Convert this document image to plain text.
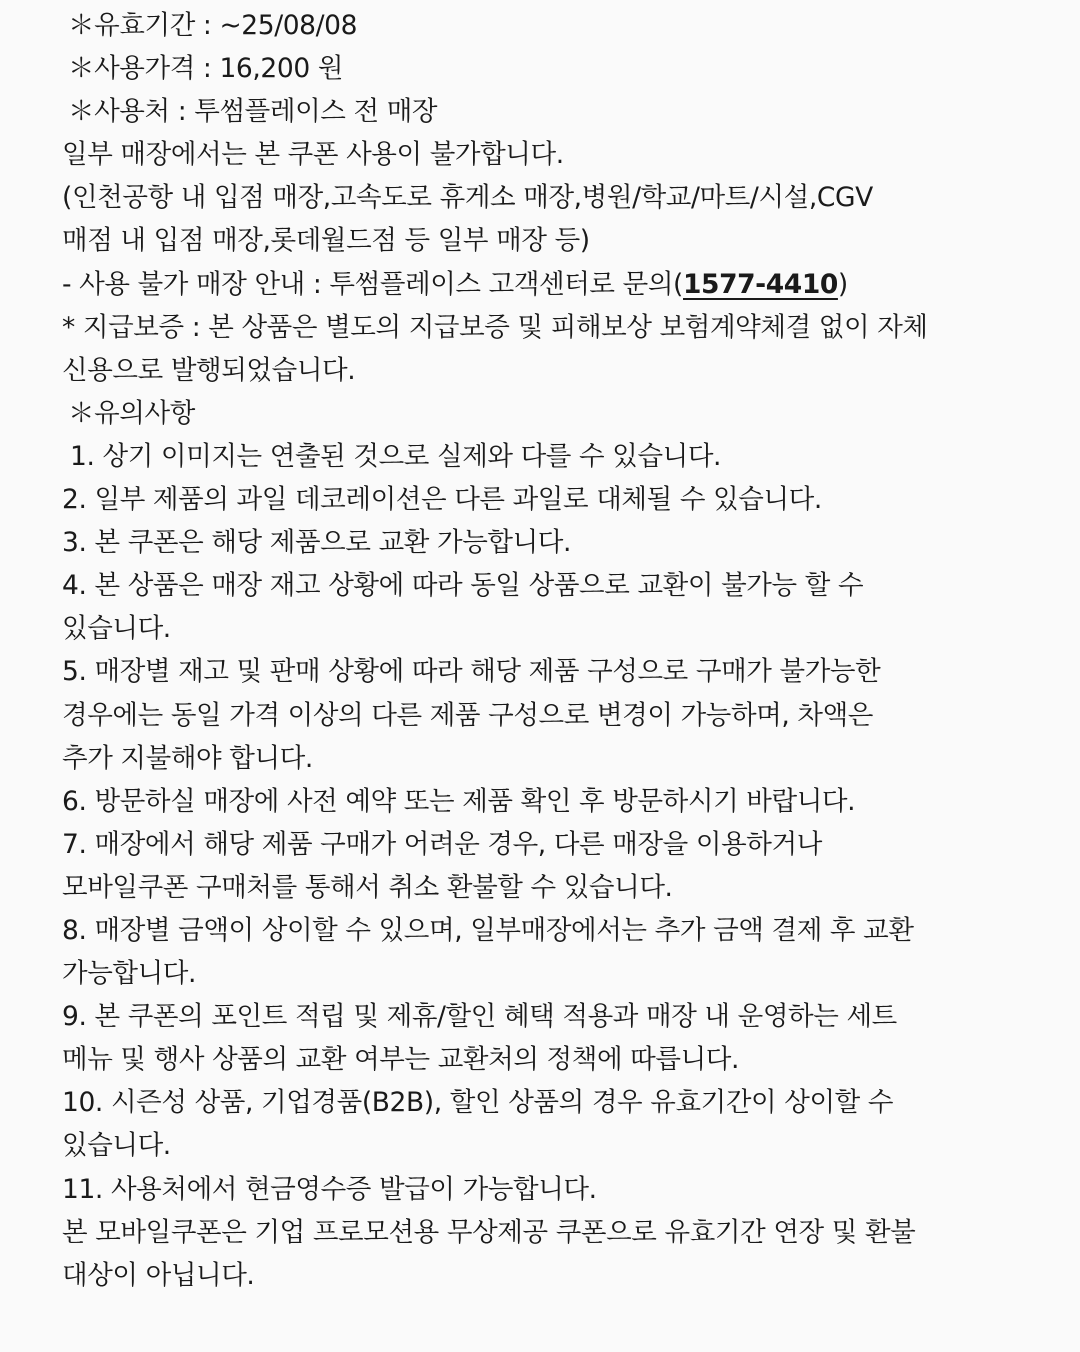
＊유효기간 : ~25/08/08
＊사용가격 : 16,200 원
＊사용처 : 투썸플레이스 전 매장
일부 매장에서는 본 쿠폰 사용이 불가합니다.
(인천공항 내 입점 매장,고속도로 휴게소 매장,병원/학교/마트/시설,CGV
매점 내 입점 매장,롯데월드점 등 일부 매장 등)
- 사용 불가 매장 안내 : 투썸플레이스 고객센터로 문의(1577-4410)
* 지급보증 : 본 상품은 별도의 지급보증 및 피해보상 보험계약체결 없이 자체
신용으로 발행되었습니다.
＊유의사항
1. 상기 이미지는 연출된 것으로 실제와 다를 수 있습니다.
2. 일부 제품의 과일 데코레이션은 다른 과일로 대체될 수 있습니다.
3. 본 쿠폰은 해당 제품으로 교환 가능합니다.
4. 본 상품은 매장 재고 상황에 따라 동일 상품으로 교환이 불가능 할 수
있습니다.
5. 매장별 재고 및 판매 상황에 따라 해당 제품 구성으로 구매가 불가능한
경우에는 동일 가격 이상의 다른 제품 구성으로 변경이 가능하며, 차액은
추가 지불해야 합니다.
6. 방문하실 매장에 사전 예약 또는 제품 확인 후 방문하시기 바랍니다.
7. 매장에서 해당 제품 구매가 어려운 경우, 다른 매장을 이용하거나
모바일쿠폰 구매처를 통해서 취소 환불할 수 있습니다.
8. 매장별 금액이 상이할 수 있으며, 일부매장에서는 추가 금액 결제 후 교환
가능합니다.
9. 본 쿠폰의 포인트 적립 및 제휴/할인 혜택 적용과 매장 내 운영하는 세트
메뉴 및 행사 상품의 교환 여부는 교환처의 정책에 따릅니다.
10. 시즌성 상품, 기업경품(B2B), 할인 상품의 경우 유효기간이 상이할 수
있습니다.
11. 사용처에서 현금영수증 발급이 가능합니다.
본 모바일쿠폰은 기업 프로모션용 무상제공 쿠폰으로 유효기간 연장 및 환불
대상이 아닙니다.
